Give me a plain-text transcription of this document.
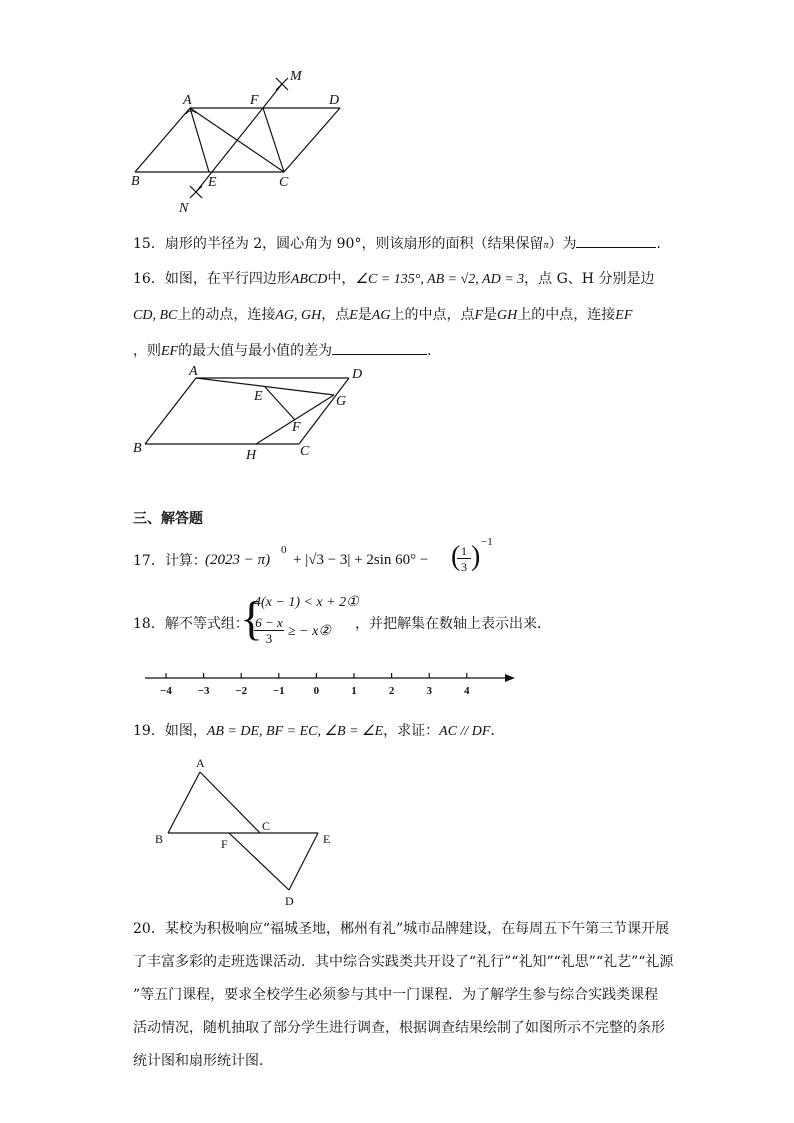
A	F
M
D
B	E	C
N
15．扇形的半径为 2，圆心角为 90°，则该扇形的面积（结果保留π）为	．
16．如图，在平行四边形ABCD中，∠C = 135°, AB = √2, AD = 3，点 G、H 分别是边
CD, BC上的动点，连接AG, GH，点E是AG上的中点，点F是GH上的中点，连接EF
，则EF的最大值与最小值的差为	．
A	D
E	G
F
B	H	C
三、解答题
17．计算：
(2023 − π)
0
+ |√3 − 3| + 2sin 60° −
1
3
( ) −1
18．解不等式组：
{
4(x − 1) < x + 2①
6 − x
3	≥ − x② ，并把解集在数轴上表示出来．
−4 −3 −2 −1	0	1	2	3	4
19．如图，AB = DE, BF = EC, ∠B = ∠E，求证：AC // DF．
A
B
C
F	E
D
20．某校为积极响应“福城圣地，郴州有礼”城市品牌建设，在每周五下午第三节课开展
了丰富多彩的走班选课活动．其中综合实践类共开设了“礼行”“礼知”“礼思”“礼艺”“礼源
”等五门课程，要求全校学生必须参与其中一门课程．为了解学生参与综合实践类课程
活动情况，随机抽取了部分学生进行调查，根据调查结果绘制了如图所示不完整的条形
统计图和扇形统计图．
